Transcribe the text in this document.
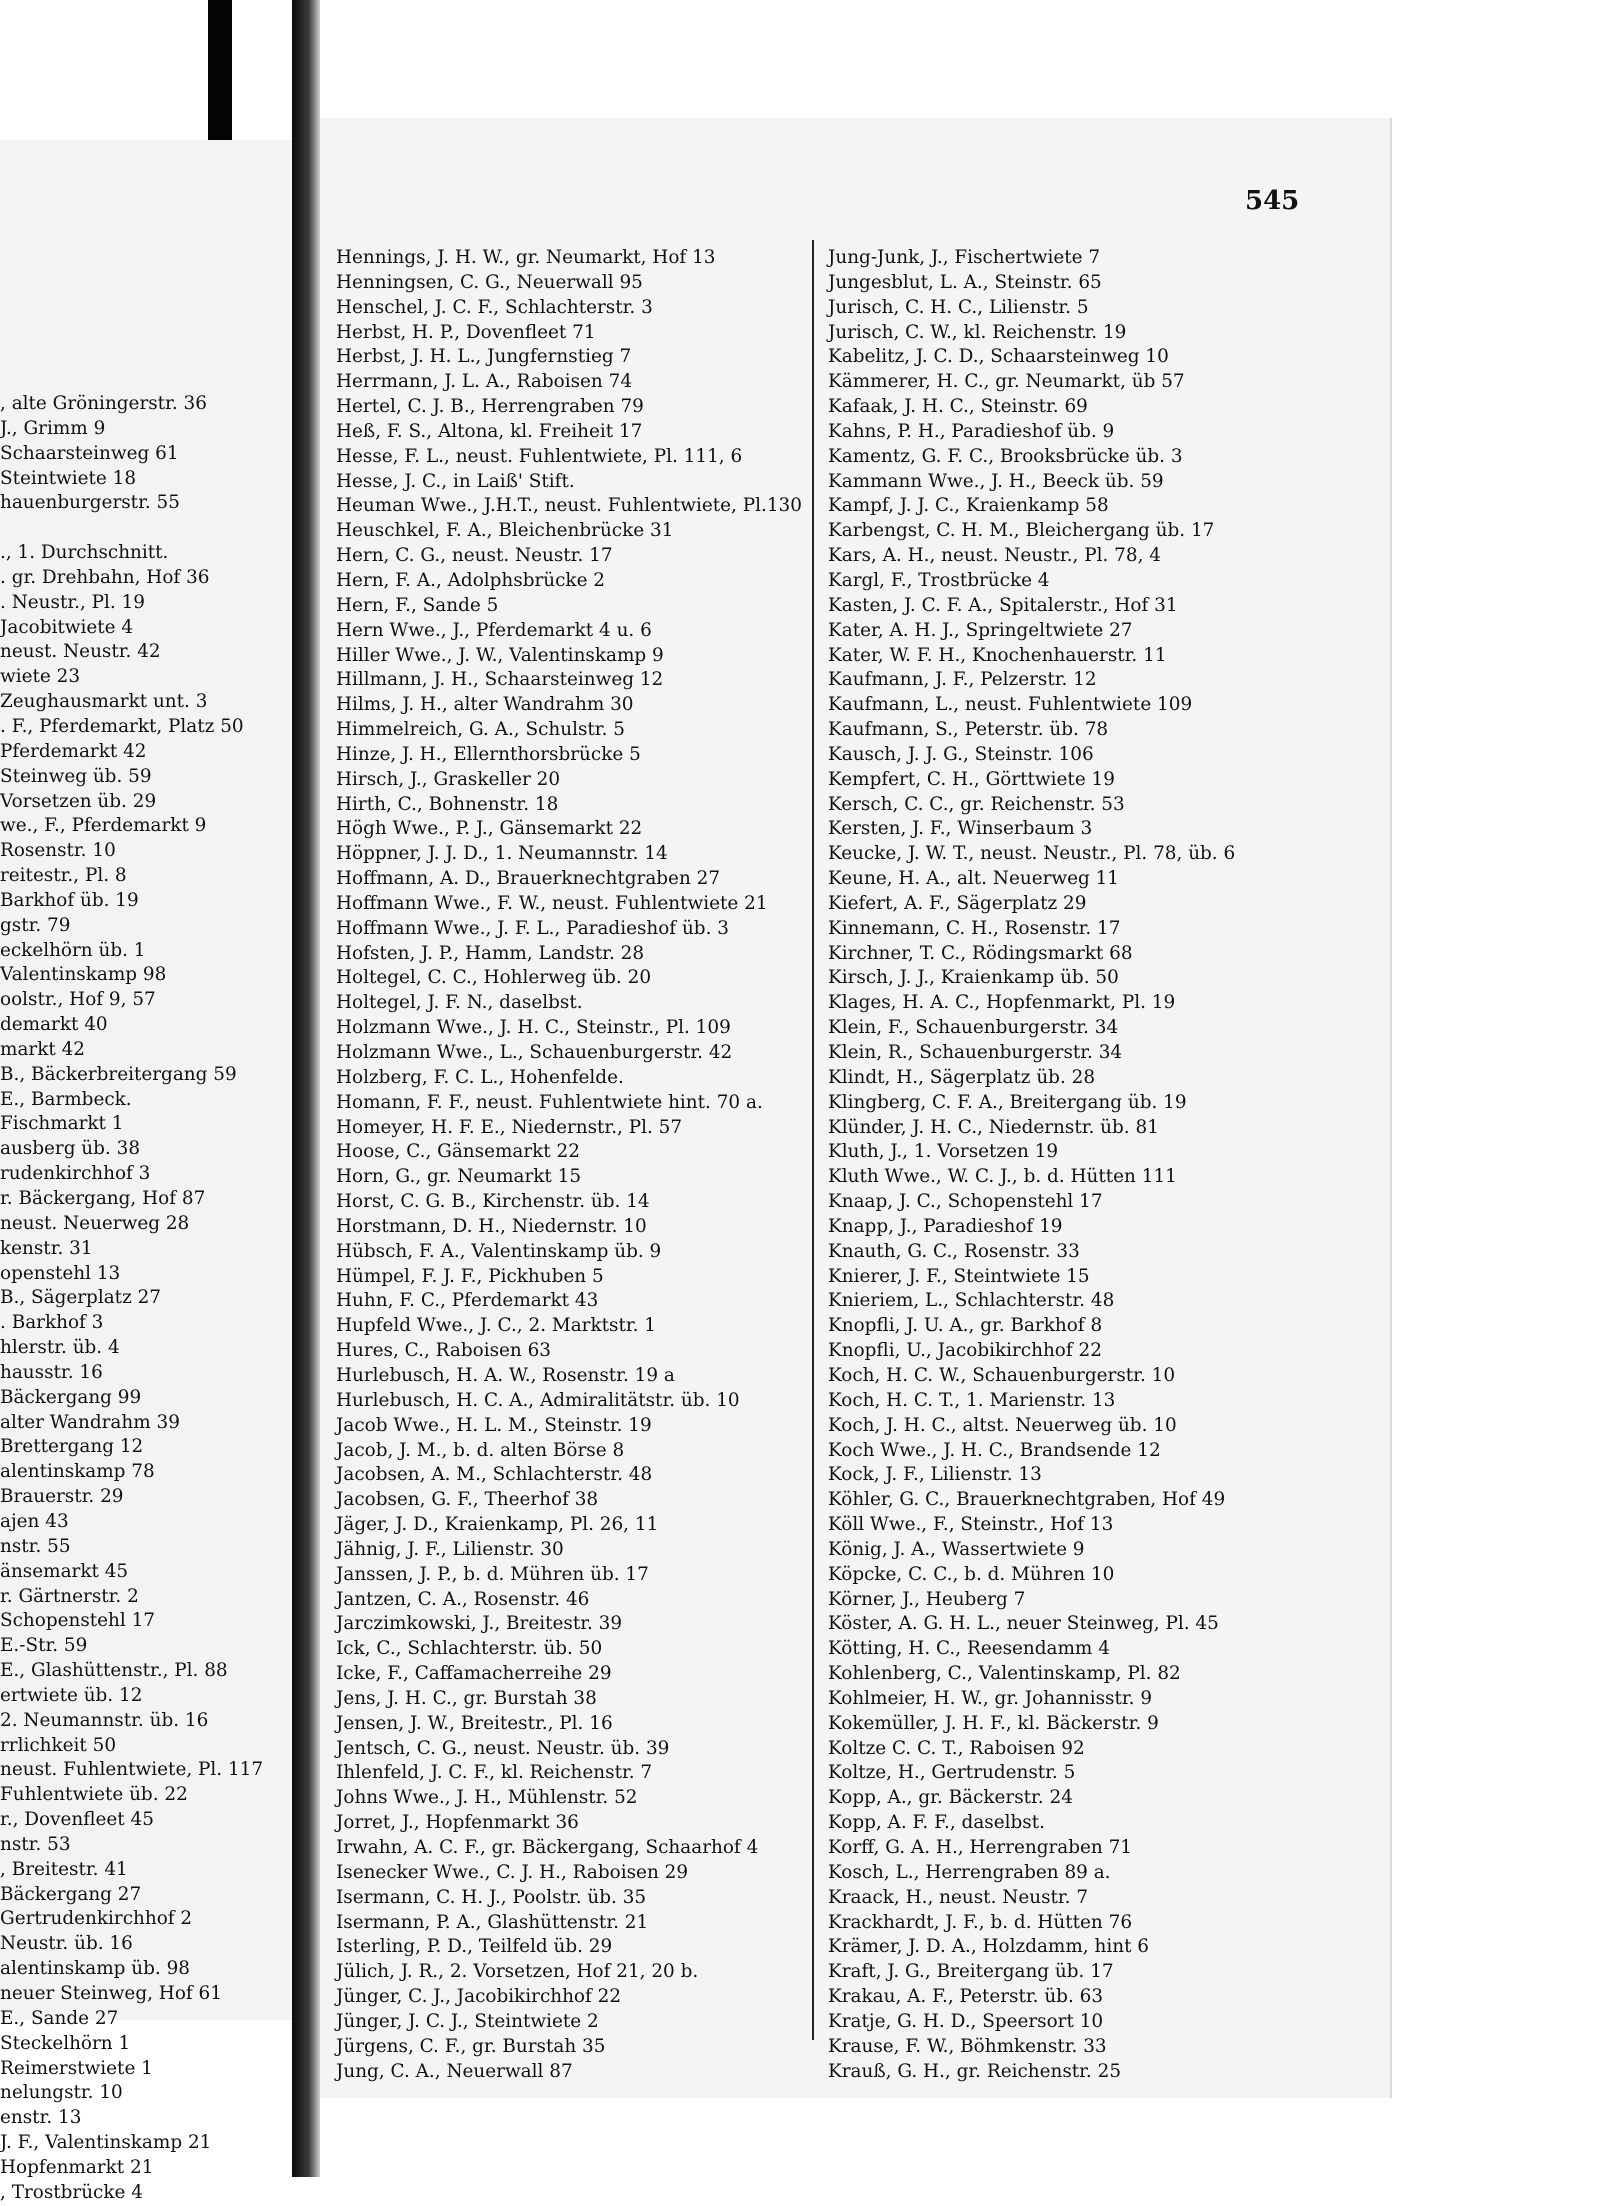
, alte Gröningerstr. 36
J., Grimm 9
Schaarsteinweg 61
Steintwiete 18
hauenburgerstr. 55
., 1. Durchschnitt.
. gr. Drehbahn, Hof 36
. Neustr., Pl. 19
Jacobitwiete 4
neust. Neustr. 42
wiete 23
Zeughausmarkt unt. 3
. F., Pferdemarkt, Platz 50
Pferdemarkt 42
Steinweg üb. 59
Vorsetzen üb. 29
we., F., Pferdemarkt 9
Rosenstr. 10
reitestr., Pl. 8
Barkhof üb. 19
gstr. 79
eckelhörn üb. 1
Valentinskamp 98
oolstr., Hof 9, 57
demarkt 40
markt 42
B., Bäckerbreitergang 59
E., Barmbeck.
Fischmarkt 1
ausberg üb. 38
rudenkirchhof 3
r. Bäckergang, Hof 87
neust. Neuerweg 28
kenstr. 31
openstehl 13
B., Sägerplatz 27
. Barkhof 3
hlerstr. üb. 4
hausstr. 16
Bäckergang 99
alter Wandrahm 39
Brettergang 12
alentinskamp 78
Brauerstr. 29
ajen 43
nstr. 55
änsemarkt 45
r. Gärtnerstr. 2
Schopenstehl 17
E.-Str. 59
E., Glashüttenstr., Pl. 88
ertwiete üb. 12
2. Neumannstr. üb. 16
rrlichkeit 50
neust. Fuhlentwiete, Pl. 117
Fuhlentwiete üb. 22
r., Dovenfleet 45
nstr. 53
, Breitestr. 41
Bäckergang 27
Gertrudenkirchhof 2
Neustr. üb. 16
alentinskamp üb. 98
neuer Steinweg, Hof 61
E., Sande 27
Steckelhörn 1
Reimerstwiete 1
nelungstr. 10
enstr. 13
J. F., Valentinskamp 21
Hopfenmarkt 21
, Trostbrücke 4
545
Hennings, J. H. W., gr. Neumarkt, Hof 13
Henningsen, C. G., Neuerwall 95
Henschel, J. C. F., Schlachterstr. 3
Herbst, H. P., Dovenfleet 71
Herbst, J. H. L., Jungfernstieg 7
Herrmann, J. L. A., Raboisen 74
Hertel, C. J. B., Herrengraben 79
Heß, F. S., Altona, kl. Freiheit 17
Hesse, F. L., neust. Fuhlentwiete, Pl. 111, 6
Hesse, J. C., in Laiß' Stift.
Heuman Wwe., J.H.T., neust. Fuhlentwiete, Pl.130
Heuschkel, F. A., Bleichenbrücke 31
Hern, C. G., neust. Neustr. 17
Hern, F. A., Adolphsbrücke 2
Hern, F., Sande 5
Hern Wwe., J., Pferdemarkt 4 u. 6
Hiller Wwe., J. W., Valentinskamp 9
Hillmann, J. H., Schaarsteinweg 12
Hilms, J. H., alter Wandrahm 30
Himmelreich, G. A., Schulstr. 5
Hinze, J. H., Ellernthorsbrücke 5
Hirsch, J., Graskeller 20
Hirth, C., Bohnenstr. 18
Högh Wwe., P. J., Gänsemarkt 22
Höppner, J. J. D., 1. Neumannstr. 14
Hoffmann, A. D., Brauerknechtgraben 27
Hoffmann Wwe., F. W., neust. Fuhlentwiete 21
Hoffmann Wwe., J. F. L., Paradieshof üb. 3
Hofsten, J. P., Hamm, Landstr. 28
Holtegel, C. C., Hohlerweg üb. 20
Holtegel, J. F. N., daselbst.
Holzmann Wwe., J. H. C., Steinstr., Pl. 109
Holzmann Wwe., L., Schauenburgerstr. 42
Holzberg, F. C. L., Hohenfelde.
Homann, F. F., neust. Fuhlentwiete hint. 70 a.
Homeyer, H. F. E., Niedernstr., Pl. 57
Hoose, C., Gänsemarkt 22
Horn, G., gr. Neumarkt 15
Horst, C. G. B., Kirchenstr. üb. 14
Horstmann, D. H., Niedernstr. 10
Hübsch, F. A., Valentinskamp üb. 9
Hümpel, F. J. F., Pickhuben 5
Huhn, F. C., Pferdemarkt 43
Hupfeld Wwe., J. C., 2. Marktstr. 1
Hures, C., Raboisen 63
Hurlebusch, H. A. W., Rosenstr. 19 a
Hurlebusch, H. C. A., Admiralitätstr. üb. 10
Jacob Wwe., H. L. M., Steinstr. 19
Jacob, J. M., b. d. alten Börse 8
Jacobsen, A. M., Schlachterstr. 48
Jacobsen, G. F., Theerhof 38
Jäger, J. D., Kraienkamp, Pl. 26, 11
Jähnig, J. F., Lilienstr. 30
Janssen, J. P., b. d. Mühren üb. 17
Jantzen, C. A., Rosenstr. 46
Jarczimkowski, J., Breitestr. 39
Ick, C., Schlachterstr. üb. 50
Icke, F., Caffamacherreihe 29
Jens, J. H. C., gr. Burstah 38
Jensen, J. W., Breitestr., Pl. 16
Jentsch, C. G., neust. Neustr. üb. 39
Ihlenfeld, J. C. F., kl. Reichenstr. 7
Johns Wwe., J. H., Mühlenstr. 52
Jorret, J., Hopfenmarkt 36
Irwahn, A. C. F., gr. Bäckergang, Schaarhof 4
Isenecker Wwe., C. J. H., Raboisen 29
Isermann, C. H. J., Poolstr. üb. 35
Isermann, P. A., Glashüttenstr. 21
Isterling, P. D., Teilfeld üb. 29
Jülich, J. R., 2. Vorsetzen, Hof 21, 20 b.
Jünger, C. J., Jacobikirchhof 22
Jünger, J. C. J., Steintwiete 2
Jürgens, C. F., gr. Burstah 35
Jung, C. A., Neuerwall 87
Jung-Junk, J., Fischertwiete 7
Jungesblut, L. A., Steinstr. 65
Jurisch, C. H. C., Lilienstr. 5
Jurisch, C. W., kl. Reichenstr. 19
Kabelitz, J. C. D., Schaarsteinweg 10
Kämmerer, H. C., gr. Neumarkt, üb 57
Kafaak, J. H. C., Steinstr. 69
Kahns, P. H., Paradieshof üb. 9
Kamentz, G. F. C., Brooksbrücke üb. 3
Kammann Wwe., J. H., Beeck üb. 59
Kampf, J. J. C., Kraienkamp 58
Karbengst, C. H. M., Bleichergang üb. 17
Kars, A. H., neust. Neustr., Pl. 78, 4
Kargl, F., Trostbrücke 4
Kasten, J. C. F. A., Spitalerstr., Hof 31
Kater, A. H. J., Springeltwiete 27
Kater, W. F. H., Knochenhauerstr. 11
Kaufmann, J. F., Pelzerstr. 12
Kaufmann, L., neust. Fuhlentwiete 109
Kaufmann, S., Peterstr. üb. 78
Kausch, J. J. G., Steinstr. 106
Kempfert, C. H., Görttwiete 19
Kersch, C. C., gr. Reichenstr. 53
Kersten, J. F., Winserbaum 3
Keucke, J. W. T., neust. Neustr., Pl. 78, üb. 6
Keune, H. A., alt. Neuerweg 11
Kiefert, A. F., Sägerplatz 29
Kinnemann, C. H., Rosenstr. 17
Kirchner, T. C., Rödingsmarkt 68
Kirsch, J. J., Kraienkamp üb. 50
Klages, H. A. C., Hopfenmarkt, Pl. 19
Klein, F., Schauenburgerstr. 34
Klein, R., Schauenburgerstr. 34
Klindt, H., Sägerplatz üb. 28
Klingberg, C. F. A., Breitergang üb. 19
Klünder, J. H. C., Niedernstr. üb. 81
Kluth, J., 1. Vorsetzen 19
Kluth Wwe., W. C. J., b. d. Hütten 111
Knaap, J. C., Schopenstehl 17
Knapp, J., Paradieshof 19
Knauth, G. C., Rosenstr. 33
Knierer, J. F., Steintwiete 15
Knieriem, L., Schlachterstr. 48
Knopfli, J. U. A., gr. Barkhof 8
Knopfli, U., Jacobikirchhof 22
Koch, H. C. W., Schauenburgerstr. 10
Koch, H. C. T., 1. Marienstr. 13
Koch, J. H. C., altst. Neuerweg üb. 10
Koch Wwe., J. H. C., Brandsende 12
Kock, J. F., Lilienstr. 13
Köhler, G. C., Brauerknechtgraben, Hof 49
Köll Wwe., F., Steinstr., Hof 13
König, J. A., Wassertwiete 9
Köpcke, C. C., b. d. Mühren 10
Körner, J., Heuberg 7
Köster, A. G. H. L., neuer Steinweg, Pl. 45
Kötting, H. C., Reesendamm 4
Kohlenberg, C., Valentinskamp, Pl. 82
Kohlmeier, H. W., gr. Johannisstr. 9
Kokemüller, J. H. F., kl. Bäckerstr. 9
Koltze C. C. T., Raboisen 92
Koltze, H., Gertrudenstr. 5
Kopp, A., gr. Bäckerstr. 24
Kopp, A. F. F., daselbst.
Korff, G. A. H., Herrengraben 71
Kosch, L., Herrengraben 89 a.
Kraack, H., neust. Neustr. 7
Krackhardt, J. F., b. d. Hütten 76
Krämer, J. D. A., Holzdamm, hint 6
Kraft, J. G., Breitergang üb. 17
Krakau, A. F., Peterstr. üb. 63
Kratje, G. H. D., Speersort 10
Krause, F. W., Böhmkenstr. 33
Krauß, G. H., gr. Reichenstr. 25
